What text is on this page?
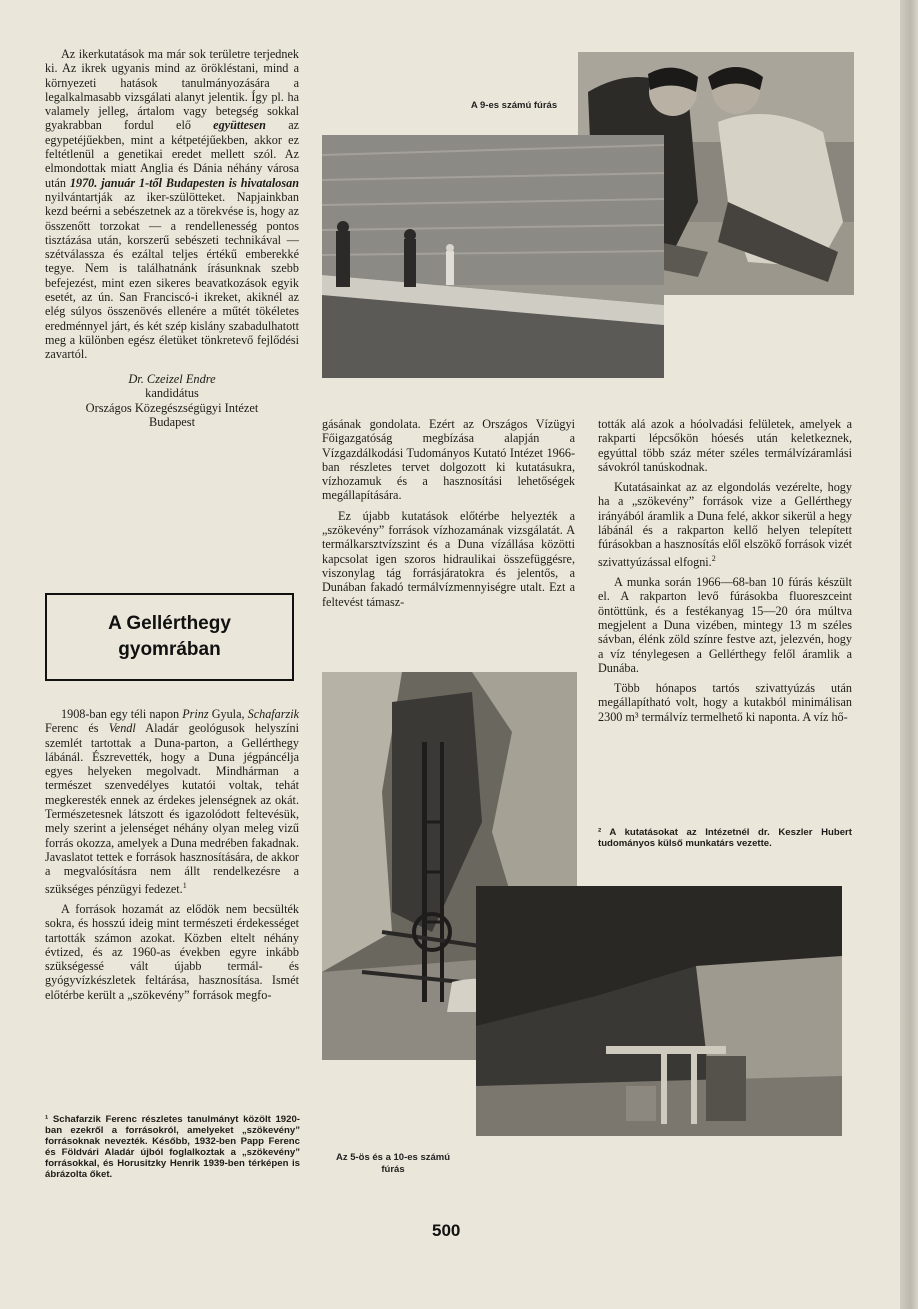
Az ikerkutatások ma már sok területre terjednek ki. Az ikrek ugyanis mind az örökléstani, mind a környezeti hatások tanulmányozására a legalkalmasabb vizsgálati alanyt jelentik. Így pl. ha valamely jelleg, ártalom vagy betegség sokkal gyakrabban fordul elő együttesen az egypetéjűekben, mint a kétpetéjűekben, akkor ez feltétlenül a genetikai eredet mellett szól. Az elmondottak miatt Anglia és Dánia néhány városa után 1970. január 1-től Budapesten is hivatalosan nyilvántartják az iker-szülötteket. Napjainkban kezd beérni a sebészetnek az a törekvése is, hogy az összenőtt torzokat — a rendellenesség pontos tisztázása után, korszerű sebészeti technikával — szétválassza és ezáltal teljes értékű emberekké tegye. Nem is találhatnánk írásunknak szebb befejezést, mint ezen sikeres beavatkozások egyik esetét, az ún. San Franciscó-i ikreket, akiknél az elég súlyos összenövés ellenére a műtét tökéletes eredménnyel járt, és két szép kislány szabadulhatott meg a különben egész életüket tönkretevő fejlődési zavartól.

Dr. Czeizel Endre
kandidátus
Országos Közegészségügyi Intézet
Budapest
A Gellérthegy
gyomrában

1908-ban egy téli napon Prinz Gyula, Schafarzik Ferenc és Vendl Aladár geológusok helyszíni szemlét tartottak a Duna-parton, a Gellérthegy lábánál. Észrevették, hogy a Duna jégpáncélja egyes helyeken megolvadt. Mindhárman a természet szenvedélyes kutatói voltak, tehát megkeresték ennek az érdekes jelenségnek az okát. Természetesnek látszott és igazolódott feltevésük, mely szerint a jelenséget néhány olyan meleg vizű forrás okozza, amelyek a Duna medrében fakadnak. Javaslatot tettek e források hasznosítására, de akkor a megvalósításra nem állt rendelkezésre a szükséges pénzügyi fedezet.$^1$

A források hozamát az elődök nem becsülték sokra, és hosszú ideig mint természeti érdekességet tartották számon azokat. Közben eltelt néhány évtized, és az 1960-as években egyre inkább szükségessé vált újabb termál- és gyógyvízkészletek feltárása, hasznosítása. Ismét előtérbe került a „szökevény” források megfo-

¹ Schafarzik Ferenc részletes tanulmányt közölt 1920-ban ezekről a forrásokról, amelyeket „szökevény” forrásoknak nevezték. Később, 1932-ben Papp Ferenc és Földvári Aladár újból foglalkoztak a „szökevény” forrásokkal, és Horusitzky Henrik 1939-ben térképen is ábrázolta őket.

gásának gondolata. Ezért az Országos Vízügyi Főigazgatóság megbízása alapján a Vízgazdálkodási Tudományos Kutató Intézet 1966-ban részletes tervet dolgozott ki kutatásukra, vízhozamuk és a hasznosítási lehetőségek megállapítására.

Ez újabb kutatások előtérbe helyezték a „szökevény” források vízhozamának vizsgálatát. A termálkarsztvízszint és a Duna vízállása közötti kapcsolat igen szoros hidraulikai összefüggésre, viszonylag tág forrásjáratokra és jelentős, a Dunában fakadó termálvízmennyiségre utalt. Ezt a feltevést támasz-

tották alá azok a hóolvadási felületek, amelyek a rakparti lépcsőkön hóesés után keletkeznek, egyúttal több száz méter széles termálvízáramlási sávokról tanúskodnak.

Kutatásainkat az az elgondolás vezérelte, hogy ha a „szökevény” források vize a Gellérthegy irányából áramlik a Duna felé, akkor sikerül a hegy lábánál és a rakparton kellő helyen telepített fúrásokban a hasznosítás elől elszökő források vizét szivattyúzással elfogni.$^2$

A munka során 1966—68-ban 10 fúrás készült el. A rakparton levő fúrásokba fluoreszceint öntöttünk, és a festékanyag 15—20 óra múltva megjelent a Duna vizében, mintegy 13 m széles sávban, élénk zöld színre festve azt, jelezvén, hogy a víz ténylegesen a Gellérthegy felől áramlik a Dunába.

Több hónapos tartós szivattyúzás után megállapítható volt, hogy a kutakból minimálisan 2300 m³ termálvíz termelhető ki naponta. A víz hő-

² A kutatásokat az Intézetnél dr. Keszler Hubert tudományos külső munkatárs vezette.
A 9-es számú fúrás
Az 5-ös és a 10-es számú
fúrás
500
